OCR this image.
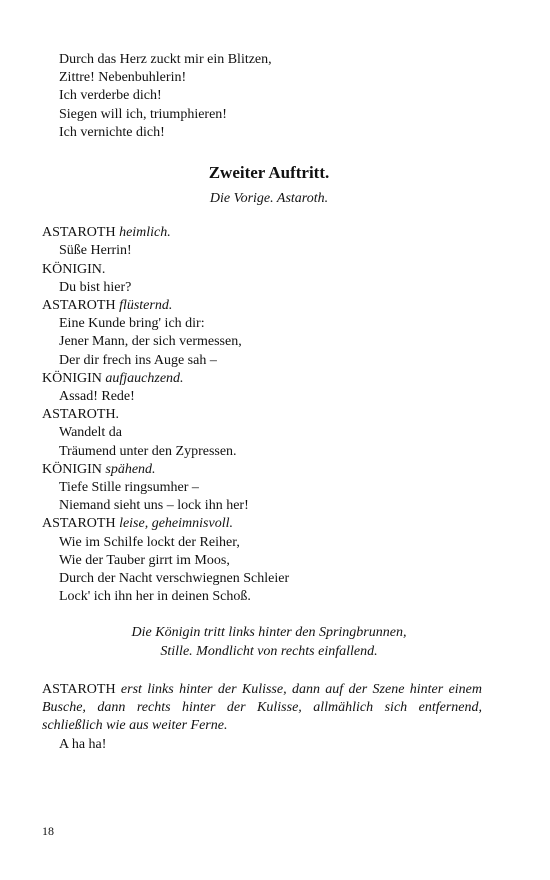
Durch das Herz zuckt mir ein Blitzen,
Zittre! Nebenbuhlerin!
Ich verderbe dich!
Siegen will ich, triumphieren!
Ich vernichte dich!
Zweiter Auftritt.
Die Vorige. Astaroth.
ASTAROTH heimlich.
Süße Herrin!
KÖNIGIN.
Du bist hier?
ASTAROTH flüsternd.
Eine Kunde bring' ich dir:
Jener Mann, der sich vermessen,
Der dir frech ins Auge sah –
KÖNIGIN aufjauchzend.
Assad! Rede!
ASTAROTH.
Wandelt da
Träumend unter den Zypressen.
KÖNIGIN spähend.
Tiefe Stille ringsumher –
Niemand sieht uns – lock ihn her!
ASTAROTH leise, geheimnisvoll.
Wie im Schilfe lockt der Reiher,
Wie der Tauber girrt im Moos,
Durch der Nacht verschwiegnen Schleier
Lock' ich ihn her in deinen Schoß.
Die Königin tritt links hinter den Springbrunnen,
Stille. Mondlicht von rechts einfallend.
ASTAROTH erst links hinter der Kulisse, dann auf der Szene hinter einem Busche, dann rechts hinter der Kulisse, allmählich sich entfernend, schließlich wie aus weiter Ferne.
A ha ha!
18
